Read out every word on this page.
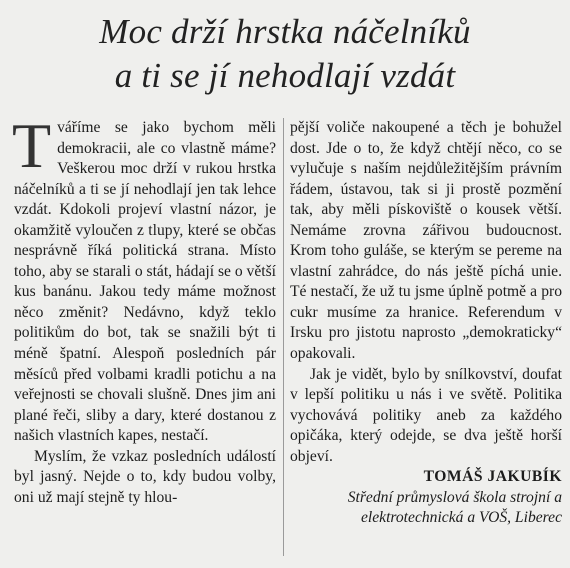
Moc drží hrstka náčelníků
a ti se jí nehodlají vzdát

Tváříme se jako bychom měli demokracii, ale co vlastně máme? Veškerou moc drží v rukou hrstka náčelníků a ti se jí nehodlají jen tak lehce vzdát. Kdokoli projeví vlastní názor, je okamžitě vyloučen z tlupy, které se občas nesprávně říká politická strana. Místo toho, aby se starali o stát, hádají se o větší kus banánu. Jakou tedy máme možnost něco změnit? Nedávno, když teklo politikům do bot, tak se snažili být ti méně špatní. Alespoň posledních pár měsíců před volbami kradli potichu a na veřejnosti se chovali slušně. Dnes jim ani plané řeči, sliby a dary, které dostanou z našich vlastních kapes, nestačí.

Myslím, že vzkaz posledních událostí byl jasný. Nejde o to, kdy budou volby, oni už mají stejně ty hlou-

pější voliče nakoupené a těch je bohužel dost. Jde o to, že když chtějí něco, co se vylučuje s naším nejdůležitějším právním řádem, ústavou, tak si ji prostě pozmění tak, aby měli pískoviště o kousek větší. Nemáme zrovna zářivou budoucnost. Krom toho guláše, se kterým se pereme na vlastní zahrádce, do nás ještě píchá unie. Té nestačí, že už tu jsme úplně potmě a pro cukr musíme za hranice. Referendum v Irsku pro jistotu naprosto „demokraticky“ opakovali.

Jak je vidět, bylo by snílkovství, doufat v lepší politiku u nás i ve světě. Politika vychovává politiky aneb za každého opičáka, který odejde, se dva ještě horší objeví.

TOMÁŠ JAKUBÍK
Střední průmyslová škola strojní a
elektrotechnická a VOŠ, Liberec
